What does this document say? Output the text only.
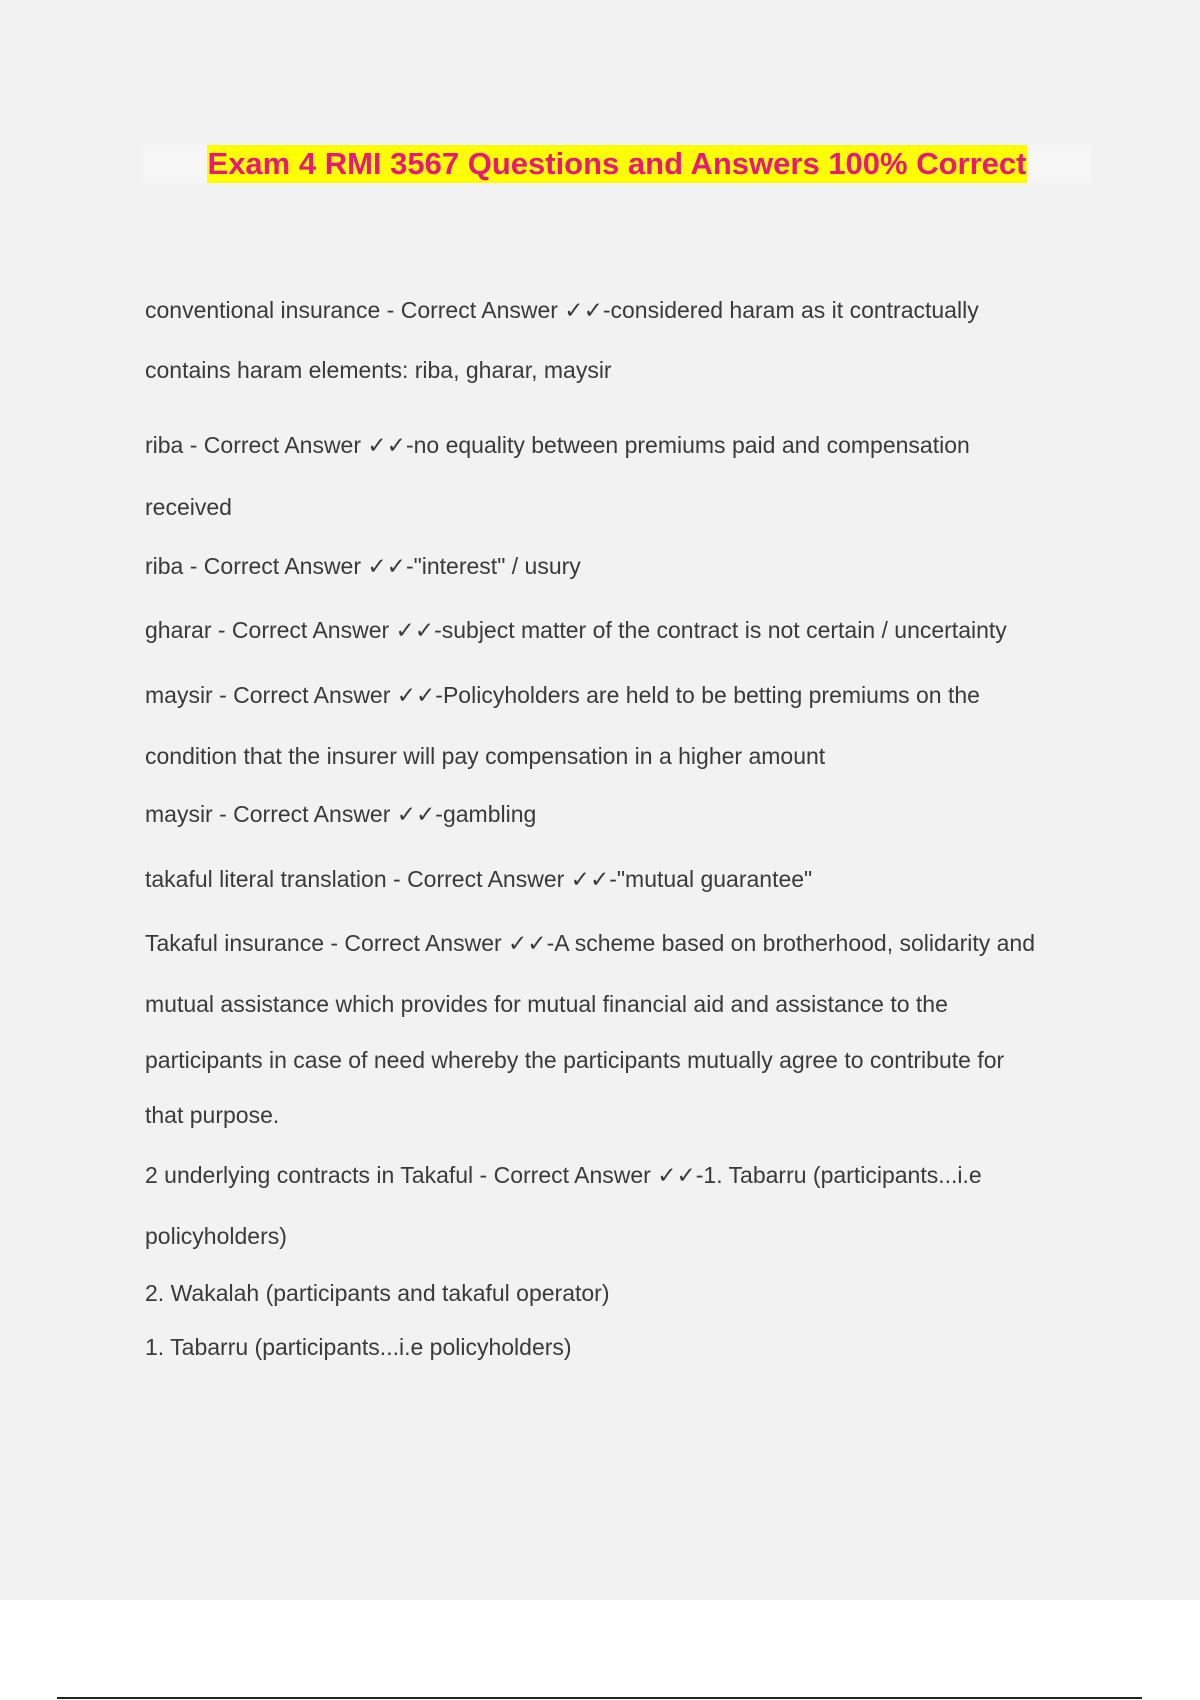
Exam 4 RMI 3567 Questions and Answers 100% Correct

conventional insurance - Correct Answer ✓✓-considered haram as it contractually

contains haram elements: riba, gharar, maysir

riba - Correct Answer ✓✓-no equality between premiums paid and compensation

received

riba - Correct Answer ✓✓-"interest" / usury

gharar - Correct Answer ✓✓-subject matter of the contract is not certain / uncertainty

maysir - Correct Answer ✓✓-Policyholders are held to be betting premiums on the

condition that the insurer will pay compensation in a higher amount

maysir - Correct Answer ✓✓-gambling

takaful literal translation - Correct Answer ✓✓-"mutual guarantee"

Takaful insurance - Correct Answer ✓✓-A scheme based on brotherhood, solidarity and

mutual assistance which provides for mutual financial aid and assistance to the

participants in case of need whereby the participants mutually agree to contribute for

that purpose.

2 underlying contracts in Takaful - Correct Answer ✓✓-1. Tabarru (participants...i.e

policyholders)

2. Wakalah (participants and takaful operator)

1. Tabarru (participants...i.e policyholders)
